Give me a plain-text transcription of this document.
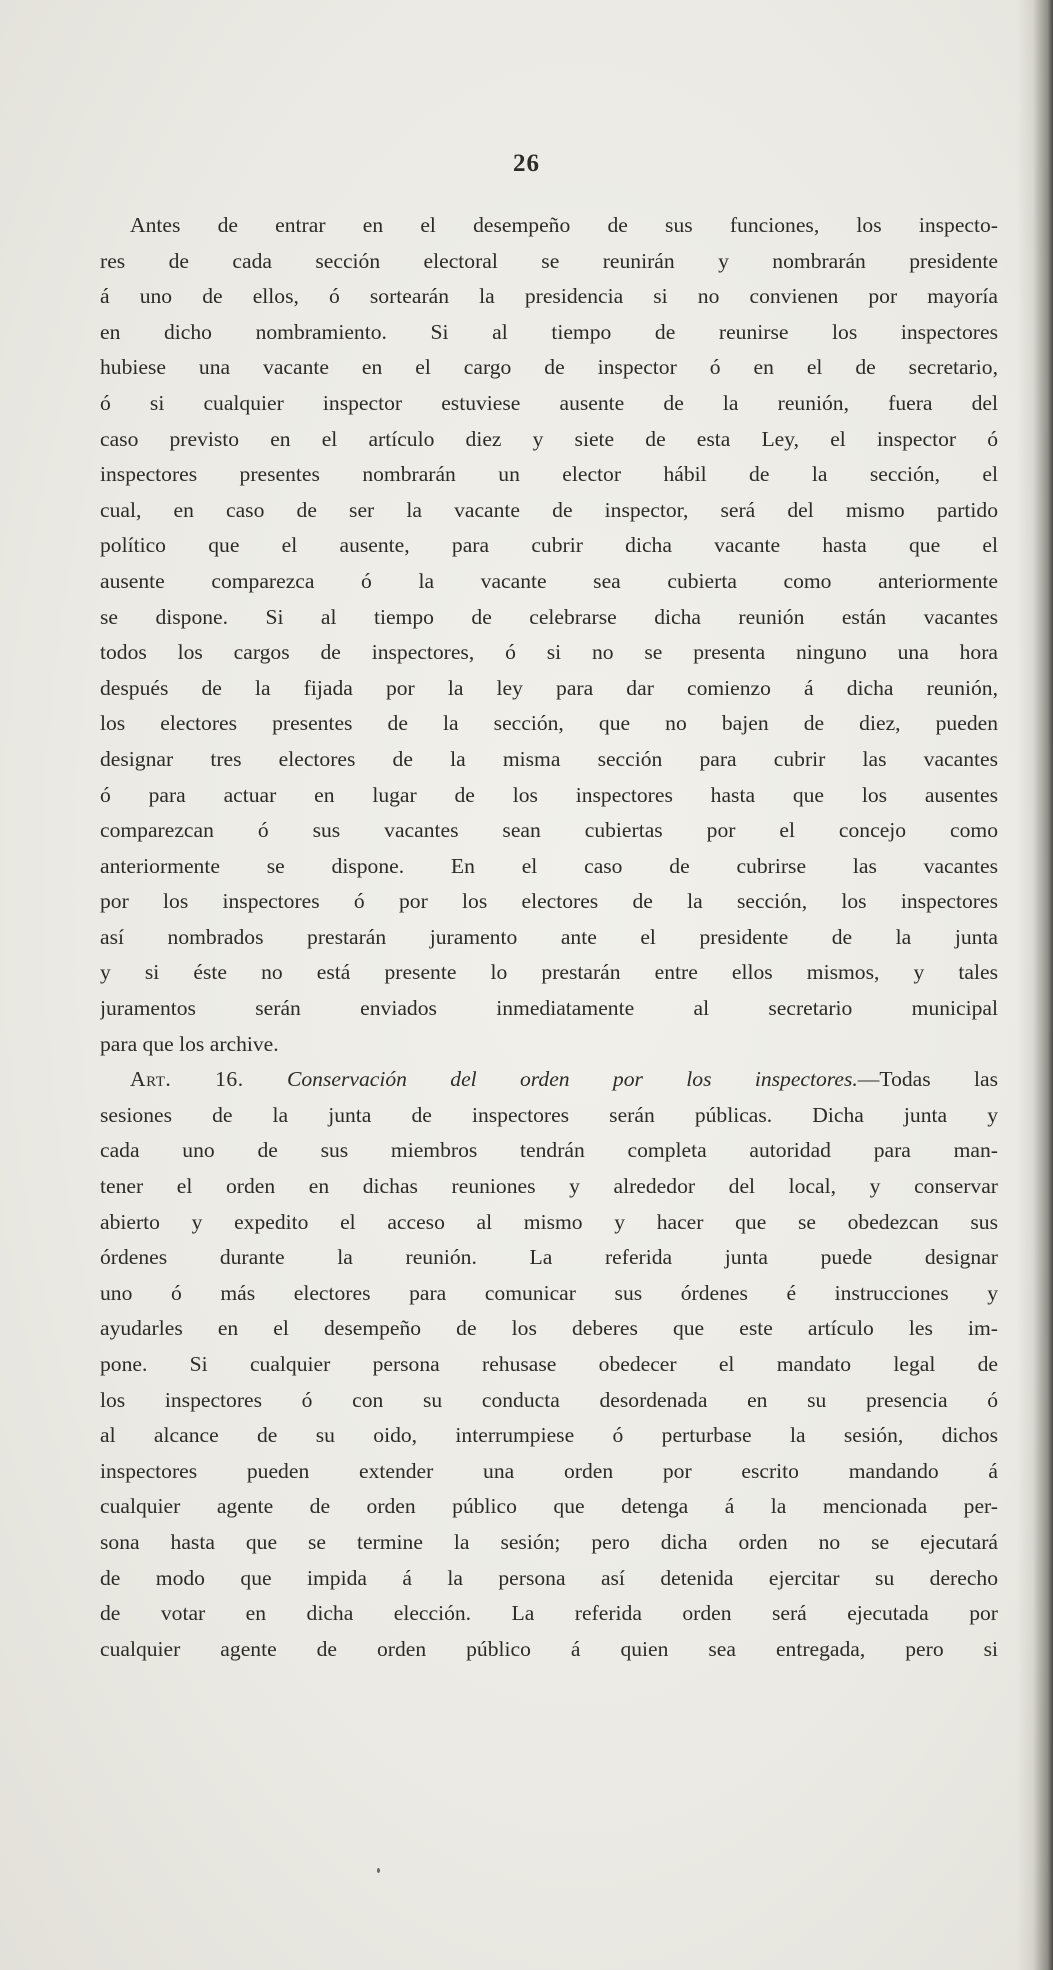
26
Antes de entrar en el desempeño de sus funciones, los inspecto-
res de cada sección electoral se reunirán y nombrarán presidente
á uno de ellos, ó sortearán la presidencia si no convienen por mayoría
en dicho nombramiento. Si al tiempo de reunirse los inspectores
hubiese una vacante en el cargo de inspector ó en el de secretario,
ó si cualquier inspector estuviese ausente de la reunión, fuera del
caso previsto en el artículo diez y siete de esta Ley, el inspector ó
inspectores presentes nombrarán un elector hábil de la sección, el
cual, en caso de ser la vacante de inspector, será del mismo partido
político que el ausente, para cubrir dicha vacante hasta que el
ausente comparezca ó la vacante sea cubierta como anteriormente
se dispone. Si al tiempo de celebrarse dicha reunión están vacantes
todos los cargos de inspectores, ó si no se presenta ninguno una hora
después de la fijada por la ley para dar comienzo á dicha reunión,
los electores presentes de la sección, que no bajen de diez, pueden
designar tres electores de la misma sección para cubrir las vacantes
ó para actuar en lugar de los inspectores hasta que los ausentes
comparezcan ó sus vacantes sean cubiertas por el concejo como
anteriormente se dispone. En el caso de cubrirse las vacantes
por los inspectores ó por los electores de la sección, los inspectores
así nombrados prestarán juramento ante el presidente de la junta
y si éste no está presente lo prestarán entre ellos mismos, y tales
juramentos serán enviados inmediatamente al secretario municipal
para que los archive.
Art. 16. Conservación del orden por los inspectores.—Todas las
sesiones de la junta de inspectores serán públicas. Dicha junta y
cada uno de sus miembros tendrán completa autoridad para man-
tener el orden en dichas reuniones y alrededor del local, y conservar
abierto y expedito el acceso al mismo y hacer que se obedezcan sus
órdenes durante la reunión. La referida junta puede designar
uno ó más electores para comunicar sus órdenes é instrucciones y
ayudarles en el desempeño de los deberes que este artículo les im-
pone. Si cualquier persona rehusase obedecer el mandato legal de
los inspectores ó con su conducta desordenada en su presencia ó
al alcance de su oido, interrumpiese ó perturbase la sesión, dichos
inspectores pueden extender una orden por escrito mandando á
cualquier agente de orden público que detenga á la mencionada per-
sona hasta que se termine la sesión; pero dicha orden no se ejecutará
de modo que impida á la persona así detenida ejercitar su derecho
de votar en dicha elección. La referida orden será ejecutada por
cualquier agente de orden público á quien sea entregada, pero si
